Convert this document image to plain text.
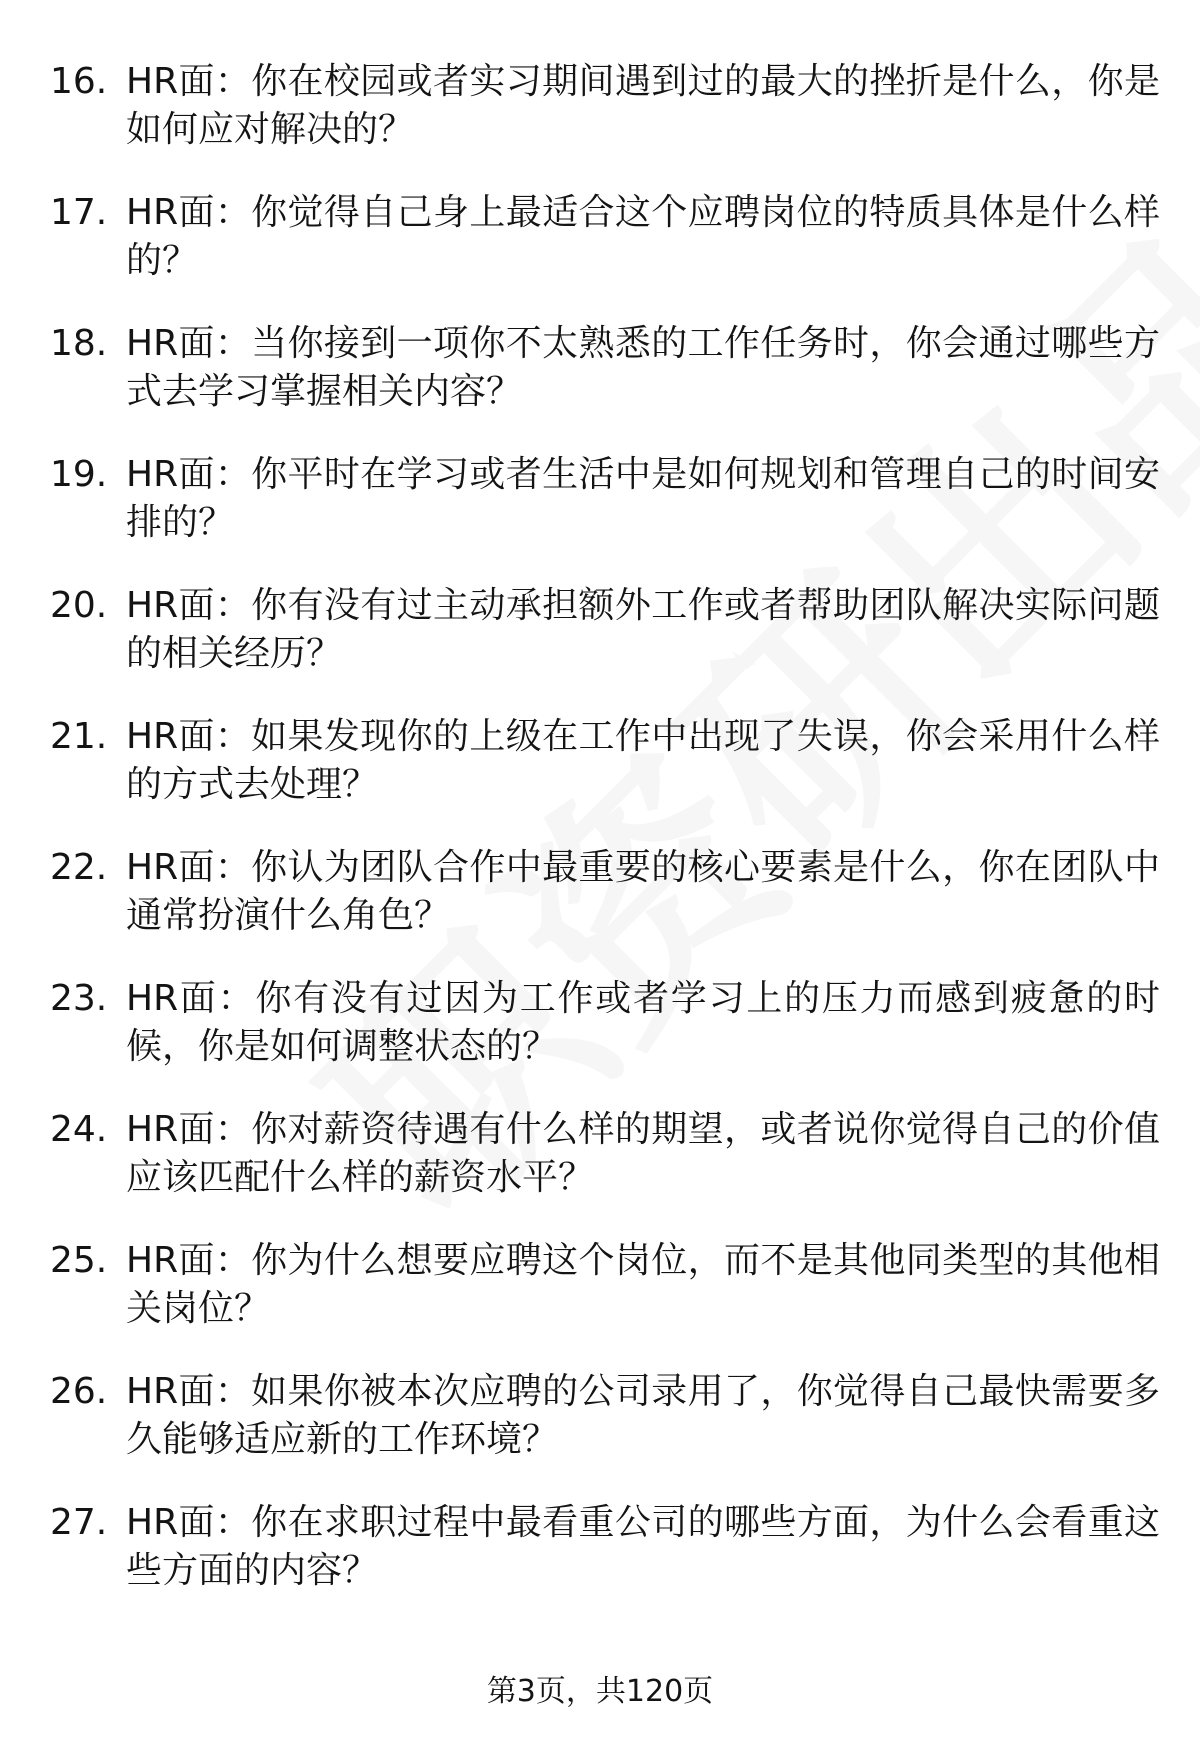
16. HR面：你在校园或者实习期间遇到过的最大的挫折是什么，你是如何应对解决的？
17. HR面：你觉得自己身上最适合这个应聘岗位的特质具体是什么样的？
18. HR面：当你接到一项你不太熟悉的工作任务时，你会通过哪些方式去学习掌握相关内容？
19. HR面：你平时在学习或者生活中是如何规划和管理自己的时间安排的？
20. HR面：你有没有过主动承担额外工作或者帮助团队解决实际问题的相关经历？
21. HR面：如果发现你的上级在工作中出现了失误，你会采用什么样的方式去处理？
22. HR面：你认为团队合作中最重要的核心要素是什么，你在团队中通常扮演什么角色？
23. HR面：你有没有过因为工作或者学习上的压力而感到疲惫的时候，你是如何调整状态的？
24. HR面：你对薪资待遇有什么样的期望，或者说你觉得自己的价值应该匹配什么样的薪资水平？
25. HR面：你为什么想要应聘这个岗位，而不是其他同类型的其他相关岗位？
26. HR面：如果你被本次应聘的公司录用了，你觉得自己最快需要多久能够适应新的工作环境？
27. HR面：你在求职过程中最看重公司的哪些方面，为什么会看重这些方面的内容？
第3页，共120页
